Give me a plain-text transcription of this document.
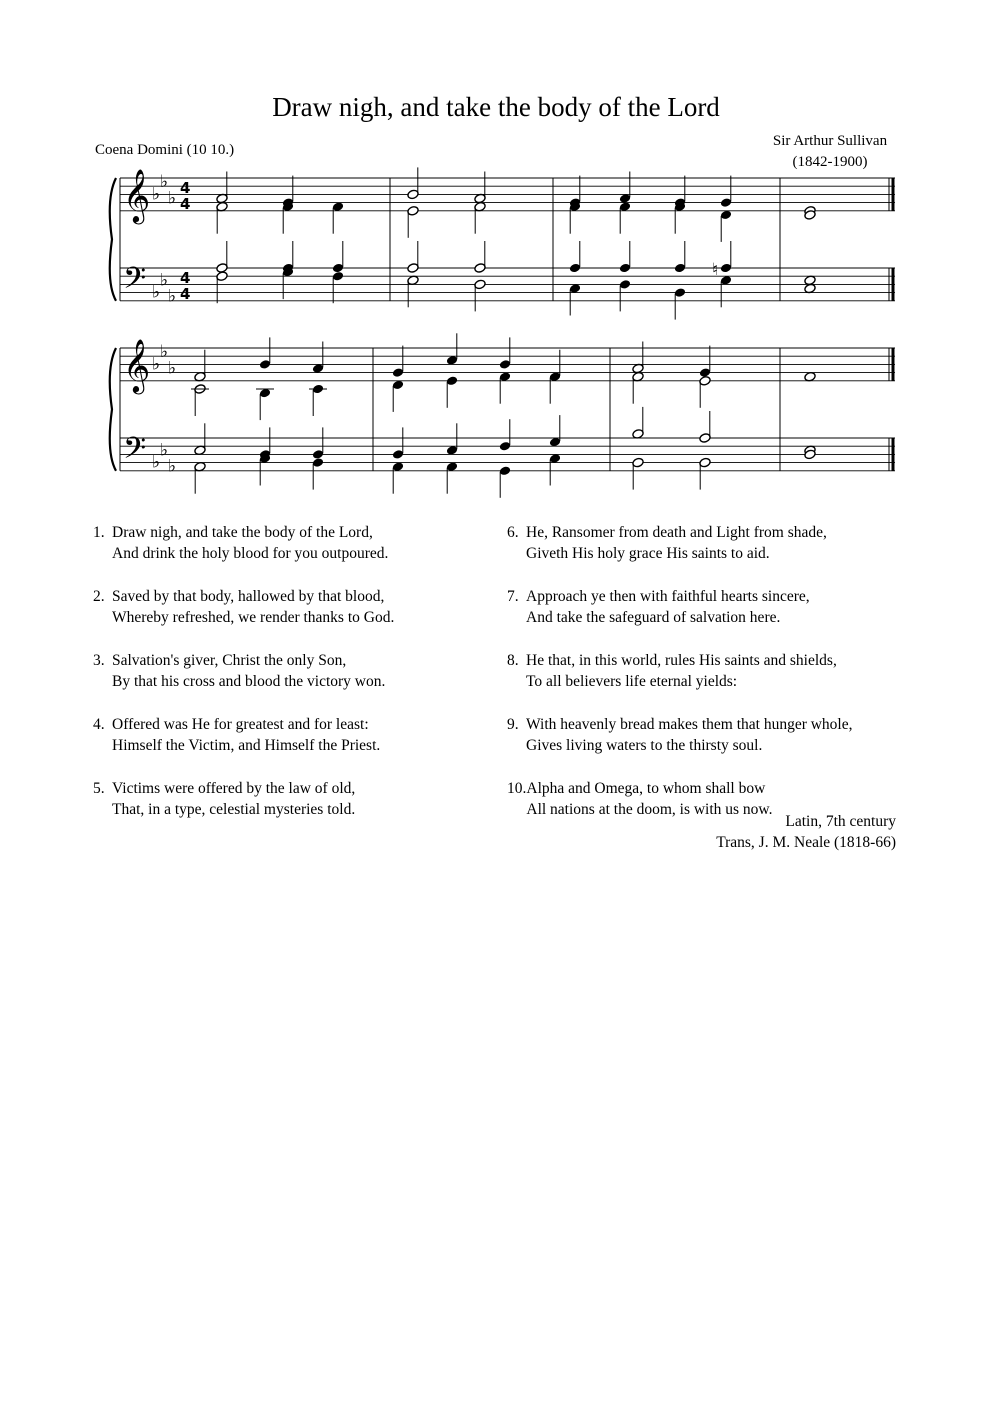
Draw nigh, and take the body of the Lord
Coena Domini (10 10.)
Sir Arthur Sullivan
(1842-1900)
𝄞
𝄢
♭
♭
♭
♭
♭
♭
4
4
4
4
𝄞
𝄢
♭
♭
♭
♭
♭
♭
♮
1. Draw nigh, and take the body of the Lord,
And drink the holy blood for you outpoured.
2. Saved by that body, hallowed by that blood,
Whereby refreshed, we render thanks to God.
3. Salvation's giver, Christ the only Son,
By that his cross and blood the victory won.
4. Offered was He for greatest and for least:
Himself the Victim, and Himself the Priest.
5. Victims were offered by the law of old,
That, in a type, celestial mysteries told.
6. He, Ransomer from death and Light from shade,
Giveth His holy grace His saints to aid.
7. Approach ye then with faithful hearts sincere,
And take the safeguard of salvation here.
8. He that, in this world, rules His saints and shields,
To all believers life eternal yields:
9. With heavenly bread makes them that hunger whole,
Gives living waters to the thirsty soul.
10. Alpha and Omega, to whom shall bow
All nations at the doom, is with us now.
Latin, 7th century
Trans, J. M. Neale (1818-66)
